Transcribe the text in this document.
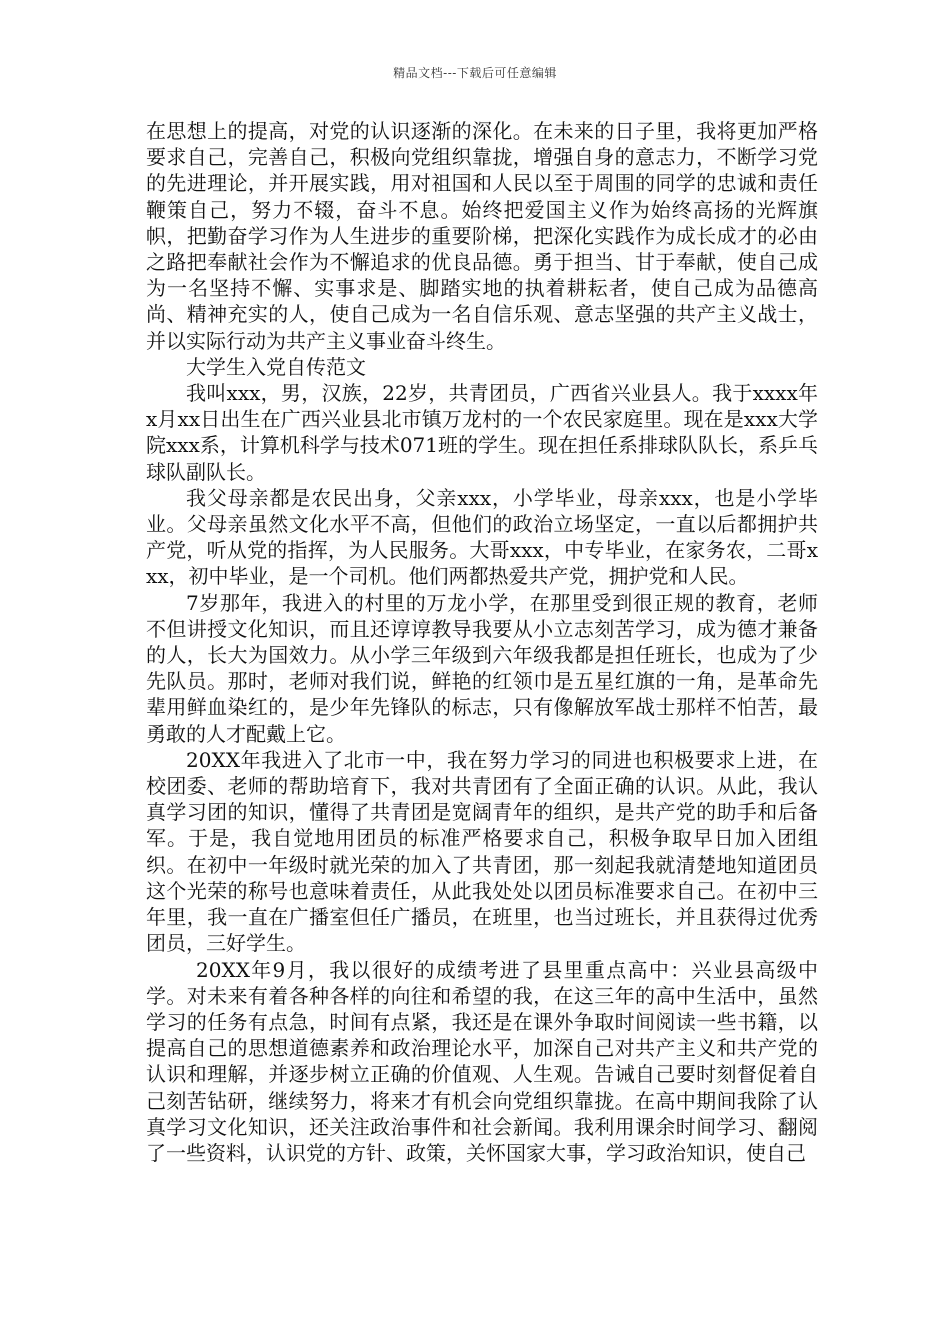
精品文档---下载后可任意编辑

在思想上的提高，对党的认识逐渐的深化。在未来的日子里，我将更加严格要求自己，完善自己，积极向党组织靠拢，增强自身的意志力，不断学习党的先进理论，并开展实践，用对祖国和人民以至于周围的同学的忠诚和责任鞭策自己，努力不辍，奋斗不息。始终把爱国主义作为始终高扬的光辉旗帜，把勤奋学习作为人生进步的重要阶梯，把深化实践作为成长成才的必由之路把奉献社会作为不懈追求的优良品德。勇于担当、甘于奉献，使自己成为一名坚持不懈、实事求是、脚踏实地的执着耕耘者，使自己成为品德高尚、精神充实的人，使自己成为一名自信乐观、意志坚强的共产主义战士，并以实际行动为共产主义事业奋斗终生。

大学生入党自传范文

我叫xxx，男，汉族，22岁，共青团员，广西省兴业县人。我于xxxx年x月xx日出生在广西兴业县北市镇万龙村的一个农民家庭里。现在是xxx大学院xxx系，计算机科学与技术071班的学生。现在担任系排球队队长，系乒乓球队副队长。

我父母亲都是农民出身，父亲xxx，小学毕业，母亲xxx，也是小学毕业。父母亲虽然文化水平不高，但他们的政治立场坚定，一直以后都拥护共产党，听从党的指挥，为人民服务。大哥xxx，中专毕业，在家务农，二哥xxx，初中毕业，是一个司机。他们两都热爱共产党，拥护党和人民。

7岁那年，我进入的村里的万龙小学，在那里受到很正规的教育，老师不但讲授文化知识，而且还谆谆教导我要从小立志刻苦学习，成为德才兼备的人，长大为国效力。从小学三年级到六年级我都是担任班长，也成为了少先队员。那时，老师对我们说，鲜艳的红领巾是五星红旗的一角，是革命先辈用鲜血染红的，是少年先锋队的标志，只有像解放军战士那样不怕苦，最勇敢的人才配戴上它。

20XX年我进入了北市一中，我在努力学习的同进也积极要求上进，在校团委、老师的帮助培育下，我对共青团有了全面正确的认识。从此，我认真学习团的知识，懂得了共青团是宽阔青年的组织，是共产党的助手和后备军。于是，我自觉地用团员的标准严格要求自己，积极争取早日加入团组织。在初中一年级时就光荣的加入了共青团，那一刻起我就清楚地知道团员这个光荣的称号也意味着责任，从此我处处以团员标准要求自己。在初中三年里，我一直在广播室但任广播员，在班里，也当过班长，并且获得过优秀团员，三好学生。

20XX年9月，我以很好的成绩考进了县里重点高中：兴业县高级中学。对未来有着各种各样的向往和希望的我，在这三年的高中生活中，虽然学习的任务有点急，时间有点紧，我还是在课外争取时间阅读一些书籍，以提高自己的思想道德素养和政治理论水平，加深自己对共产主义和共产党的认识和理解，并逐步树立正确的价值观、人生观。告诫自己要时刻督促着自己刻苦钻研，继续努力，将来才有机会向党组织靠拢。在高中期间我除了认真学习文化知识，还关注政治事件和社会新闻。我利用课余时间学习、翻阅了一些资料，认识党的方针、政策，关怀国家大事，学习政治知识，使自己
